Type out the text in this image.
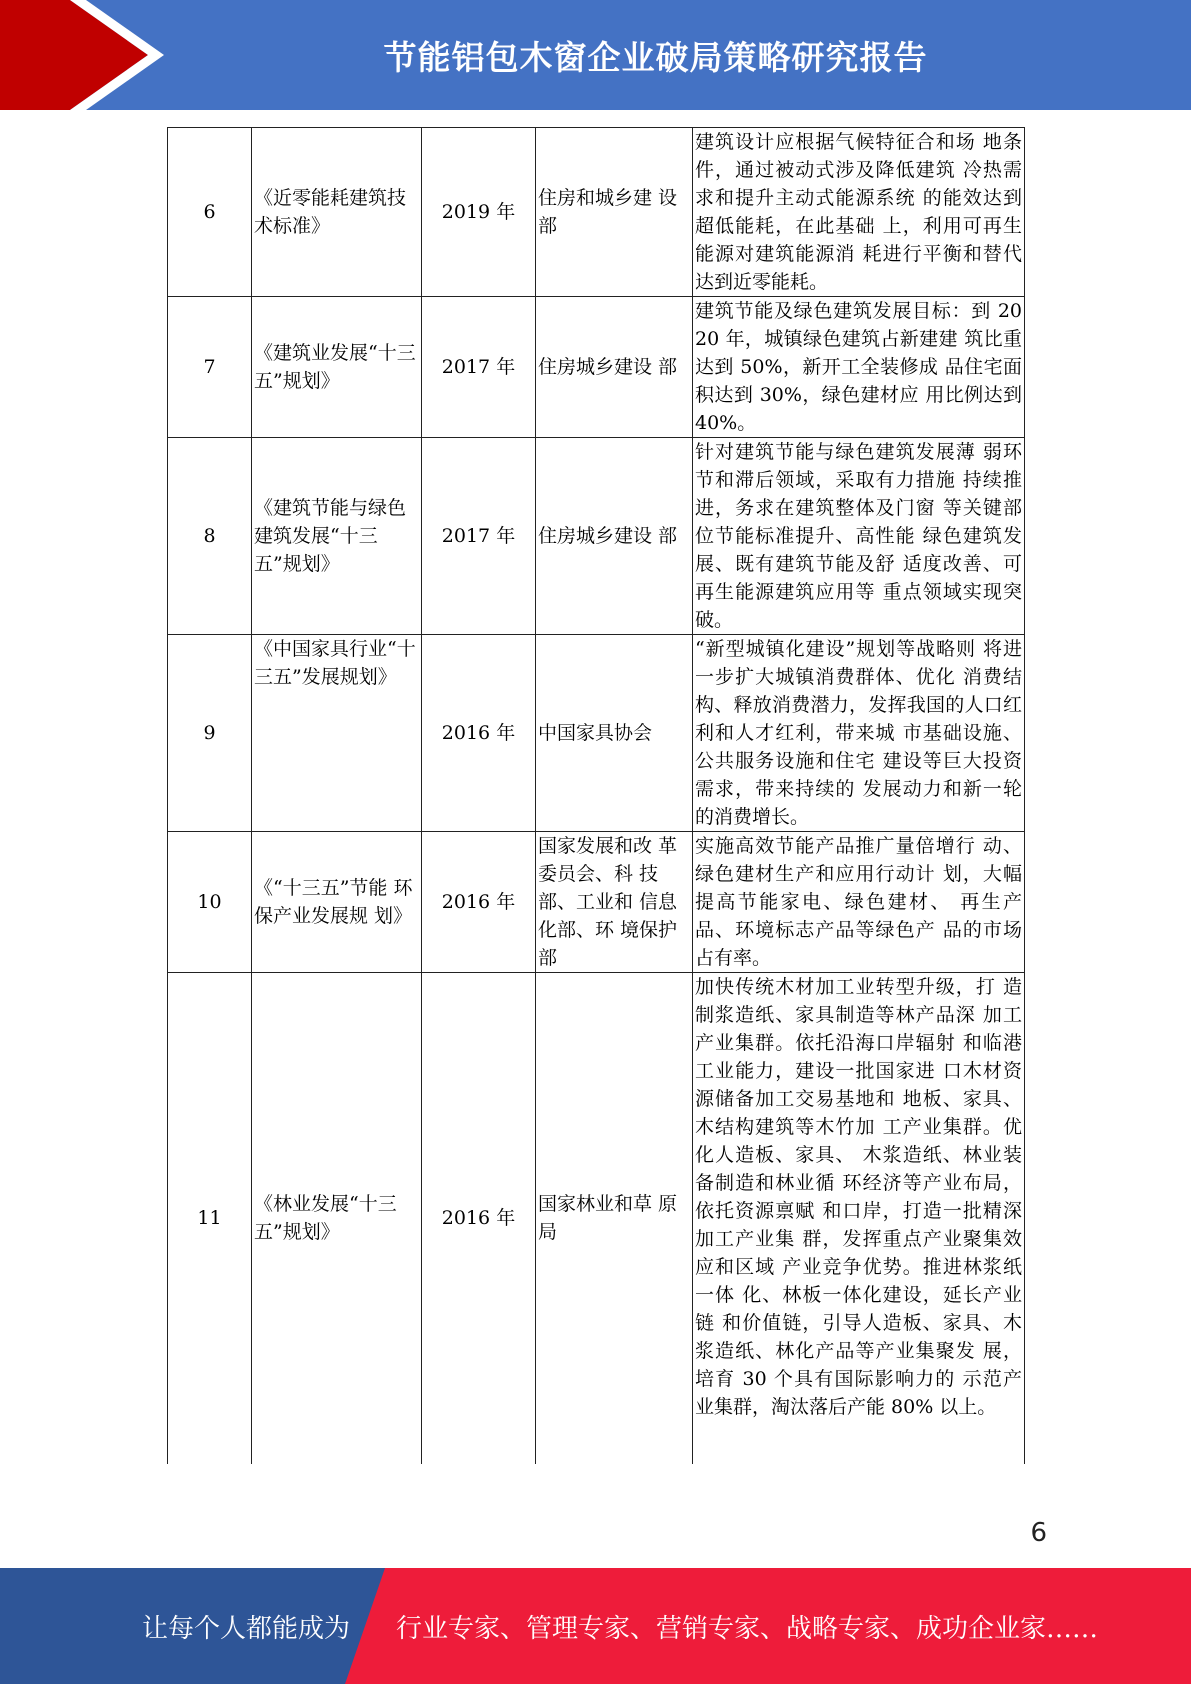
节能铝包木窗企业破局策略研究报告
6	《近零能耗建筑技术标准》	2019 年	住房和城乡建 设部	建筑设计应根据气候特征合和场 地条件，通过被动式涉及降低建筑 冷热需求和提升主动式能源系统 的能效达到超低能耗，在此基础 上，利用可再生能源对建筑能源消 耗进行平衡和替代达到近零能耗。
7	《建筑业发展“十三五”规划》	2017 年	住房城乡建设 部	建筑节能及绿色建筑发展目标：到 2020 年，城镇绿色建筑占新建建 筑比重达到 50%，新开工全装修成 品住宅面积达到 30%，绿色建材应 用比例达到 40%。
8	《建筑节能与绿色建筑发展“十三五”规划》	2017 年	住房城乡建设 部	针对建筑节能与绿色建筑发展薄 弱环节和滞后领域，采取有力措施 持续推进，务求在建筑整体及门窗 等关键部位节能标准提升、高性能 绿色建筑发展、既有建筑节能及舒 适度改善、可再生能源建筑应用等 重点领域实现突破。
9	《中国家具行业“十三五”发展规划》	2016 年	中国家具协会	“新型城镇化建设”规划等战略则 将进一步扩大城镇消费群体、优化 消费结构、释放消费潜力，发挥我国的人口红利和人才红利，带来城 市基础设施、公共服务设施和住宅 建设等巨大投资需求，带来持续的 发展动力和新一轮的消费增长。
10	《“十三五”节能 环保产业发展规 划》	2016 年	国家发展和改 革委员会、科 技部、工业和 信息化部、环 境保护部	实施高效节能产品推广量倍增行 动、绿色建材生产和应用行动计 划，大幅提高节能家电、绿色建材、 再生产品、环境标志产品等绿色产 品的市场占有率。
11	《林业发展“十三五”规划》	2016 年	国家林业和草 原局	加快传统木材加工业转型升级，打 造制浆造纸、家具制造等林产品深 加工产业集群。依托沿海口岸辐射 和临港工业能力，建设一批国家进 口木材资源储备加工交易基地和 地板、家具、木结构建筑等木竹加 工产业集群。优化人造板、家具、 木浆造纸、林业装备制造和林业循 环经济等产业布局，依托资源禀赋 和口岸，打造一批精深加工产业集 群，发挥重点产业聚集效应和区域 产业竞争优势。推进林浆纸一体 化、林板一体化建设，延长产业链 和价值链，引导人造板、家具、木浆造纸、林化产品等产业集聚发 展，培育 30 个具有国际影响力的 示范产业集群，淘汰落后产能 80% 以上。
6
让每个人都能成为 行业专家、管理专家、营销专家、战略专家、成功企业家……
